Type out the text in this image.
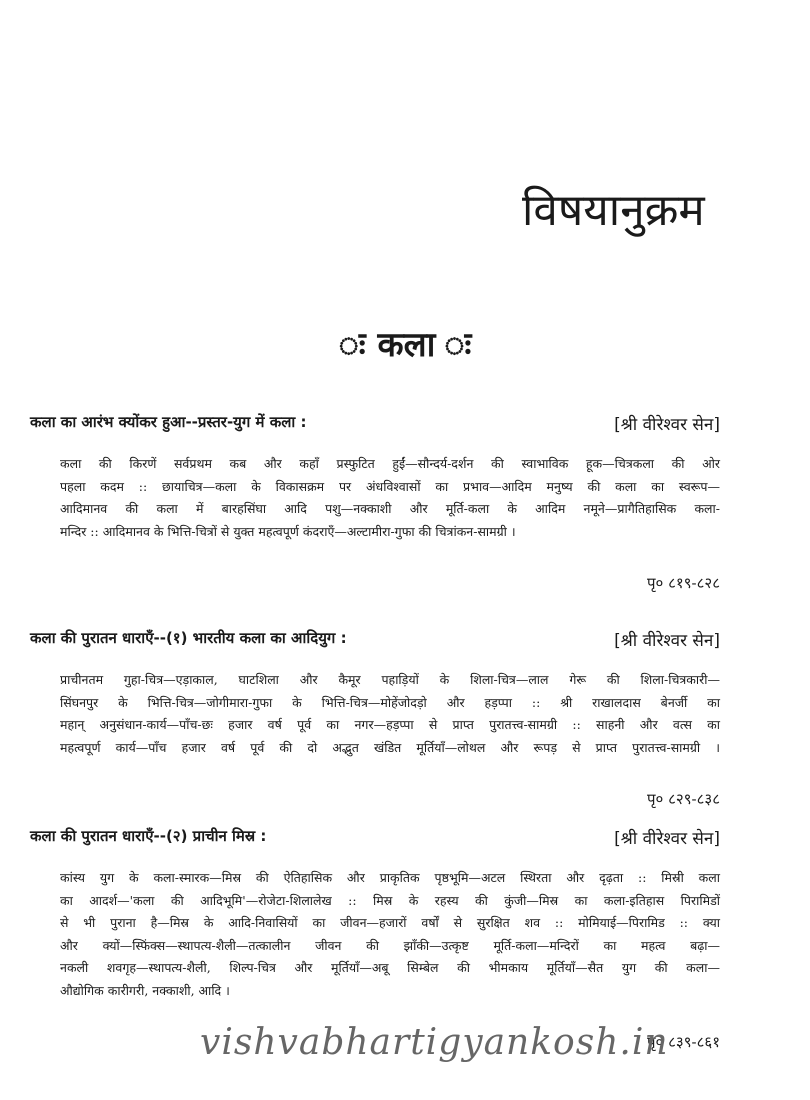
विषयानुक्रम
ः कला ः
कला का आरंभ क्योंकर हुआ--प्रस्तर-युग में कला :	[श्री वीरेश्वर सेन]
कला की किरणें सर्वप्रथम कब और कहाँ प्रस्फुटित हुईं—सौन्दर्य-दर्शन की स्वाभाविक हूक—चित्रकला की ओर
पहला कदम :: छायाचित्र—कला के विकासक्रम पर अंधविश्वासों का प्रभाव—आदिम मनुष्य की कला का स्वरूप—
आदिमानव की कला में बारहसिंघा आदि पशु—नक्काशी और मूर्ति-कला के आदिम नमूने—प्रागैतिहासिक कला-
मन्दिर :: आदिमानव के भित्ति-चित्रों से युक्त महत्वपूर्ण कंदराएँ—अल्टामीरा-गुफा की चित्रांकन-सामग्री ।
पृ० ८१९-८२८
कला की पुरातन धाराएँ--(१) भारतीय कला का आदियुग :	[श्री वीरेश्वर सेन]
प्राचीनतम गुहा-चित्र—एड़ाकाल, घाटशिला और कैमूर पहाड़ियों के शिला-चित्र—लाल गेरू की शिला-चित्रकारी—
सिंघनपुर के भित्ति-चित्र—जोगीमारा-गुफा के भित्ति-चित्र—मोहेंजोदड़ो और हड़प्पा :: श्री राखालदास बेनर्जी का
महान् अनुसंधान-कार्य—पाँच-छः हजार वर्ष पूर्व का नगर—हड़प्पा से प्राप्त पुरातत्त्व-सामग्री :: साहनी और वत्स का
महत्वपूर्ण कार्य—पाँच हजार वर्ष पूर्व की दो अद्भुत खंडित मूर्तियाँ—लोथल और रूपड़ से प्राप्त पुरातत्त्व-सामग्री ।
पृ० ८२९-८३८
कला की पुरातन धाराएँ--(२) प्राचीन मिस्र :	[श्री वीरेश्वर सेन]
कांस्य युग के कला-स्मारक—मिस्र की ऐतिहासिक और प्राकृतिक पृष्ठभूमि—अटल स्थिरता और दृढ़ता :: मिस्री कला
का आदर्श—'कला की आदिभूमि'—रोजेटा-शिलालेख :: मिस्र के रहस्य की कुंजी—मिस्र का कला-इतिहास पिरामिडों
से भी पुराना है—मिस्र के आदि-निवासियों का जीवन—हजारों वर्षों से सुरक्षित शव :: मोमियाई—पिरामिड :: क्या
और क्यों—स्फिंक्स—स्थापत्य-शैली—तत्कालीन जीवन की झाँकी—उत्कृष्ट मूर्ति-कला—मन्दिरों का महत्व बढ़ा—
नकली शवगृह—स्थापत्य-शैली, शिल्प-चित्र और मूर्तियाँ—अबू सिम्बेल की भीमकाय मूर्तियाँ—सैत युग की कला—
औद्योगिक कारीगरी, नक्काशी, आदि ।
पृ० ८३९-८६१
vishvabhartigyankosh.in
